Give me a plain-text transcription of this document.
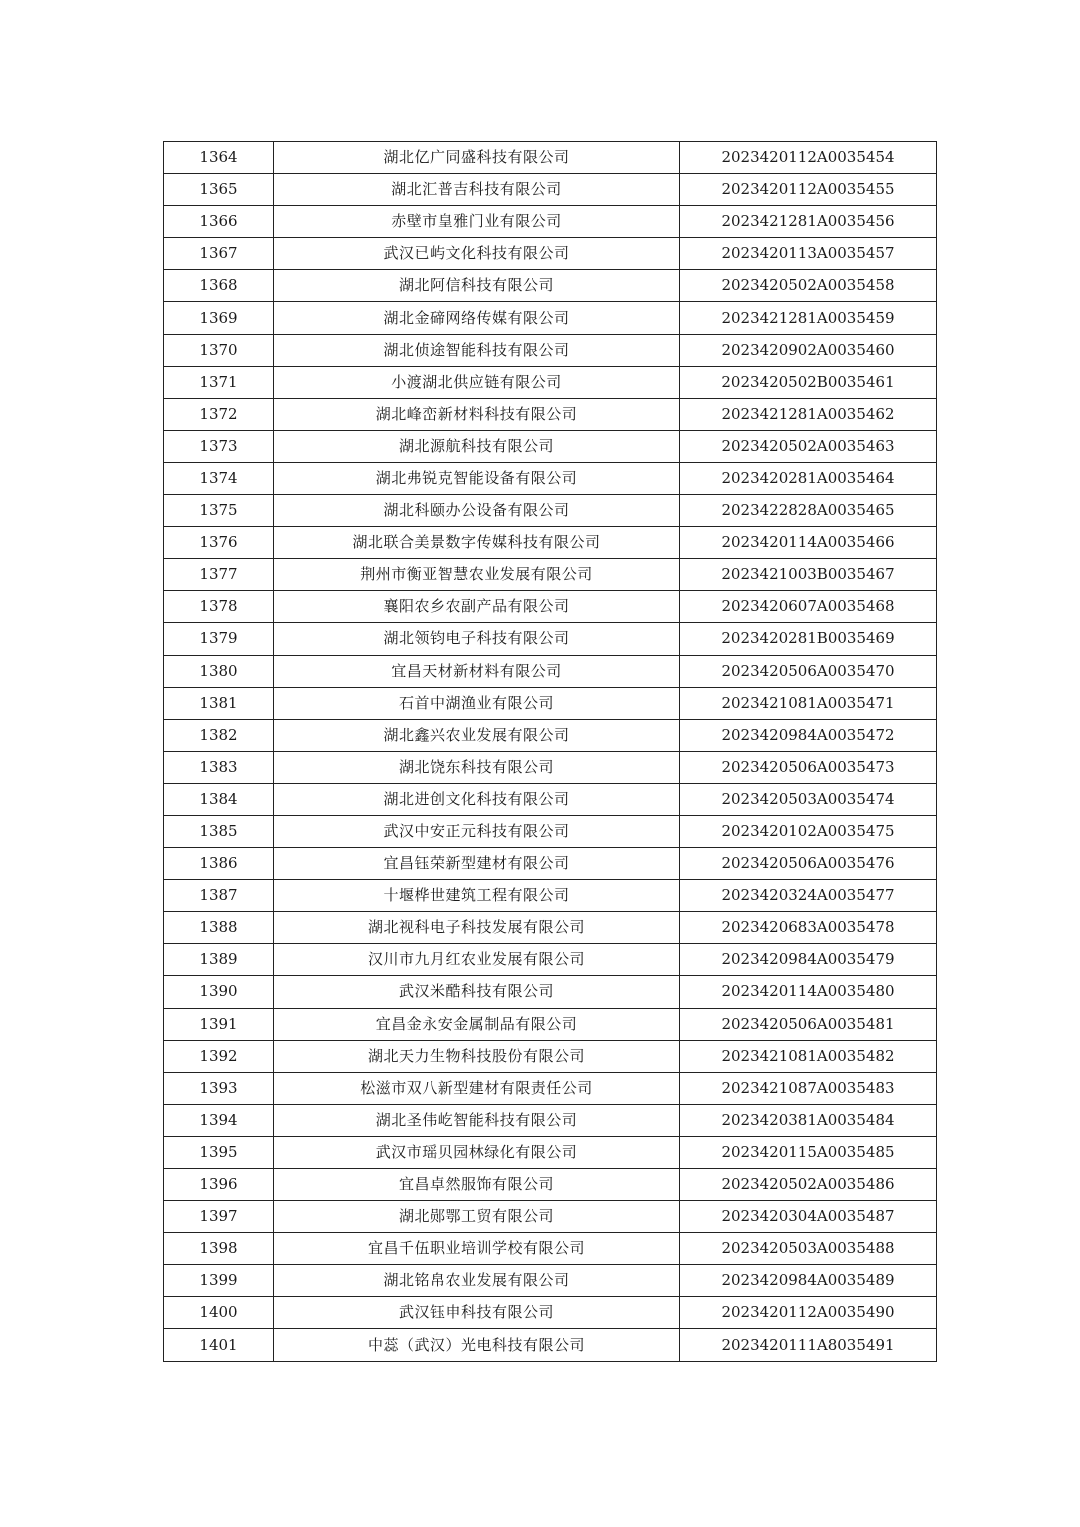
1364	湖北亿广同盛科技有限公司	2023420112A0035454
1365	湖北汇普吉科技有限公司	2023420112A0035455
1366	赤壁市皇雅门业有限公司	2023421281A0035456
1367	武汉已屿文化科技有限公司	2023420113A0035457
1368	湖北阿信科技有限公司	2023420502A0035458
1369	湖北金碲网络传媒有限公司	2023421281A0035459
1370	湖北侦途智能科技有限公司	2023420902A0035460
1371	小渡湖北供应链有限公司	2023420502B0035461
1372	湖北峰峦新材料科技有限公司	2023421281A0035462
1373	湖北源航科技有限公司	2023420502A0035463
1374	湖北弗锐克智能设备有限公司	2023420281A0035464
1375	湖北科颐办公设备有限公司	2023422828A0035465
1376	湖北联合美景数字传媒科技有限公司	2023420114A0035466
1377	荆州市衡亚智慧农业发展有限公司	2023421003B0035467
1378	襄阳农乡农副产品有限公司	2023420607A0035468
1379	湖北领钧电子科技有限公司	2023420281B0035469
1380	宜昌天材新材料有限公司	2023420506A0035470
1381	石首中湖渔业有限公司	2023421081A0035471
1382	湖北鑫兴农业发展有限公司	2023420984A0035472
1383	湖北饶东科技有限公司	2023420506A0035473
1384	湖北进创文化科技有限公司	2023420503A0035474
1385	武汉中安正元科技有限公司	2023420102A0035475
1386	宜昌钰荣新型建材有限公司	2023420506A0035476
1387	十堰桦世建筑工程有限公司	2023420324A0035477
1388	湖北视科电子科技发展有限公司	2023420683A0035478
1389	汉川市九月红农业发展有限公司	2023420984A0035479
1390	武汉米酷科技有限公司	2023420114A0035480
1391	宜昌金永安金属制品有限公司	2023420506A0035481
1392	湖北天力生物科技股份有限公司	2023421081A0035482
1393	松滋市双八新型建材有限责任公司	2023421087A0035483
1394	湖北圣伟屹智能科技有限公司	2023420381A0035484
1395	武汉市瑶贝园林绿化有限公司	2023420115A0035485
1396	宜昌卓然服饰有限公司	2023420502A0035486
1397	湖北郧鄂工贸有限公司	2023420304A0035487
1398	宜昌千伍职业培训学校有限公司	2023420503A0035488
1399	湖北铭帛农业发展有限公司	2023420984A0035489
1400	武汉钰申科技有限公司	2023420112A0035490
1401	中蕊（武汉）光电科技有限公司	2023420111A8035491
